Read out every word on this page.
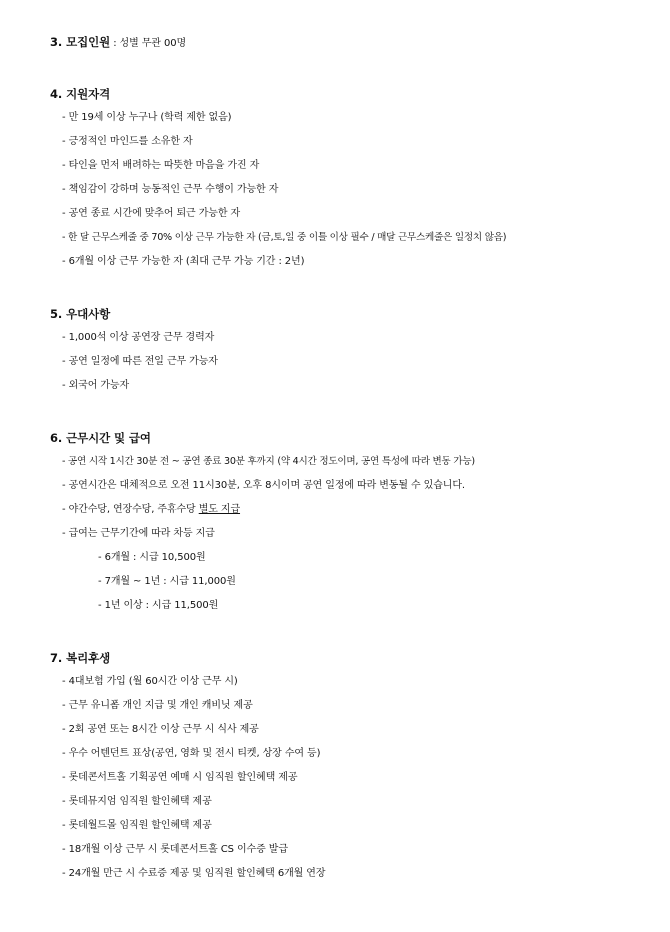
3. 모집인원 : 성별 무관 00명
4. 지원자격
- 만 19세 이상 누구나 (학력 제한 없음)
- 긍정적인 마인드를 소유한 자
- 타인을 먼저 배려하는 따뜻한 마음을 가진 자
- 책임감이 강하며 능동적인 근무 수행이 가능한 자
- 공연 종료 시간에 맞추어 퇴근 가능한 자
- 한 달 근무스케줄 중 70% 이상 근무 가능한 자 (금,토,일 중 이틀 이상 필수 / 매달 근무스케줄은 일정치 않음)
- 6개월 이상 근무 가능한 자 (최대 근무 가능 기간 : 2년)
5. 우대사항
- 1,000석 이상 공연장 근무 경력자
- 공연 일정에 따른 전일 근무 가능자
- 외국어 가능자
6. 근무시간 및 급여
- 공연 시작 1시간 30분 전 ~ 공연 종료 30분 후까지 (약 4시간 정도이며, 공연 특성에 따라 변동 가능)
- 공연시간은 대체적으로 오전 11시30분, 오후 8시이며 공연 일정에 따라 변동될 수 있습니다.
- 야간수당, 연장수당, 주휴수당 별도 지급
- 급여는 근무기간에 따라 차등 지급
- 6개월 : 시급 10,500원
- 7개월 ~ 1년 : 시급 11,000원
- 1년 이상 : 시급 11,500원
7. 복리후생
- 4대보험 가입 (월 60시간 이상 근무 시)
- 근무 유니폼 개인 지급 및 개인 캐비닛 제공
- 2회 공연 또는 8시간 이상 근무 시 식사 제공
- 우수 어텐던트 표상(공연, 영화 및 전시 티켓, 상장 수여 등)
- 롯데콘서트홀 기획공연 예매 시 임직원 할인혜택 제공
- 롯데뮤지엄 임직원 할인혜택 제공
- 롯데월드몰 임직원 할인혜택 제공
- 18개월 이상 근무 시 롯데콘서트홀 CS 이수증 발급
- 24개월 만근 시 수료증 제공 및 임직원 할인혜택 6개월 연장
